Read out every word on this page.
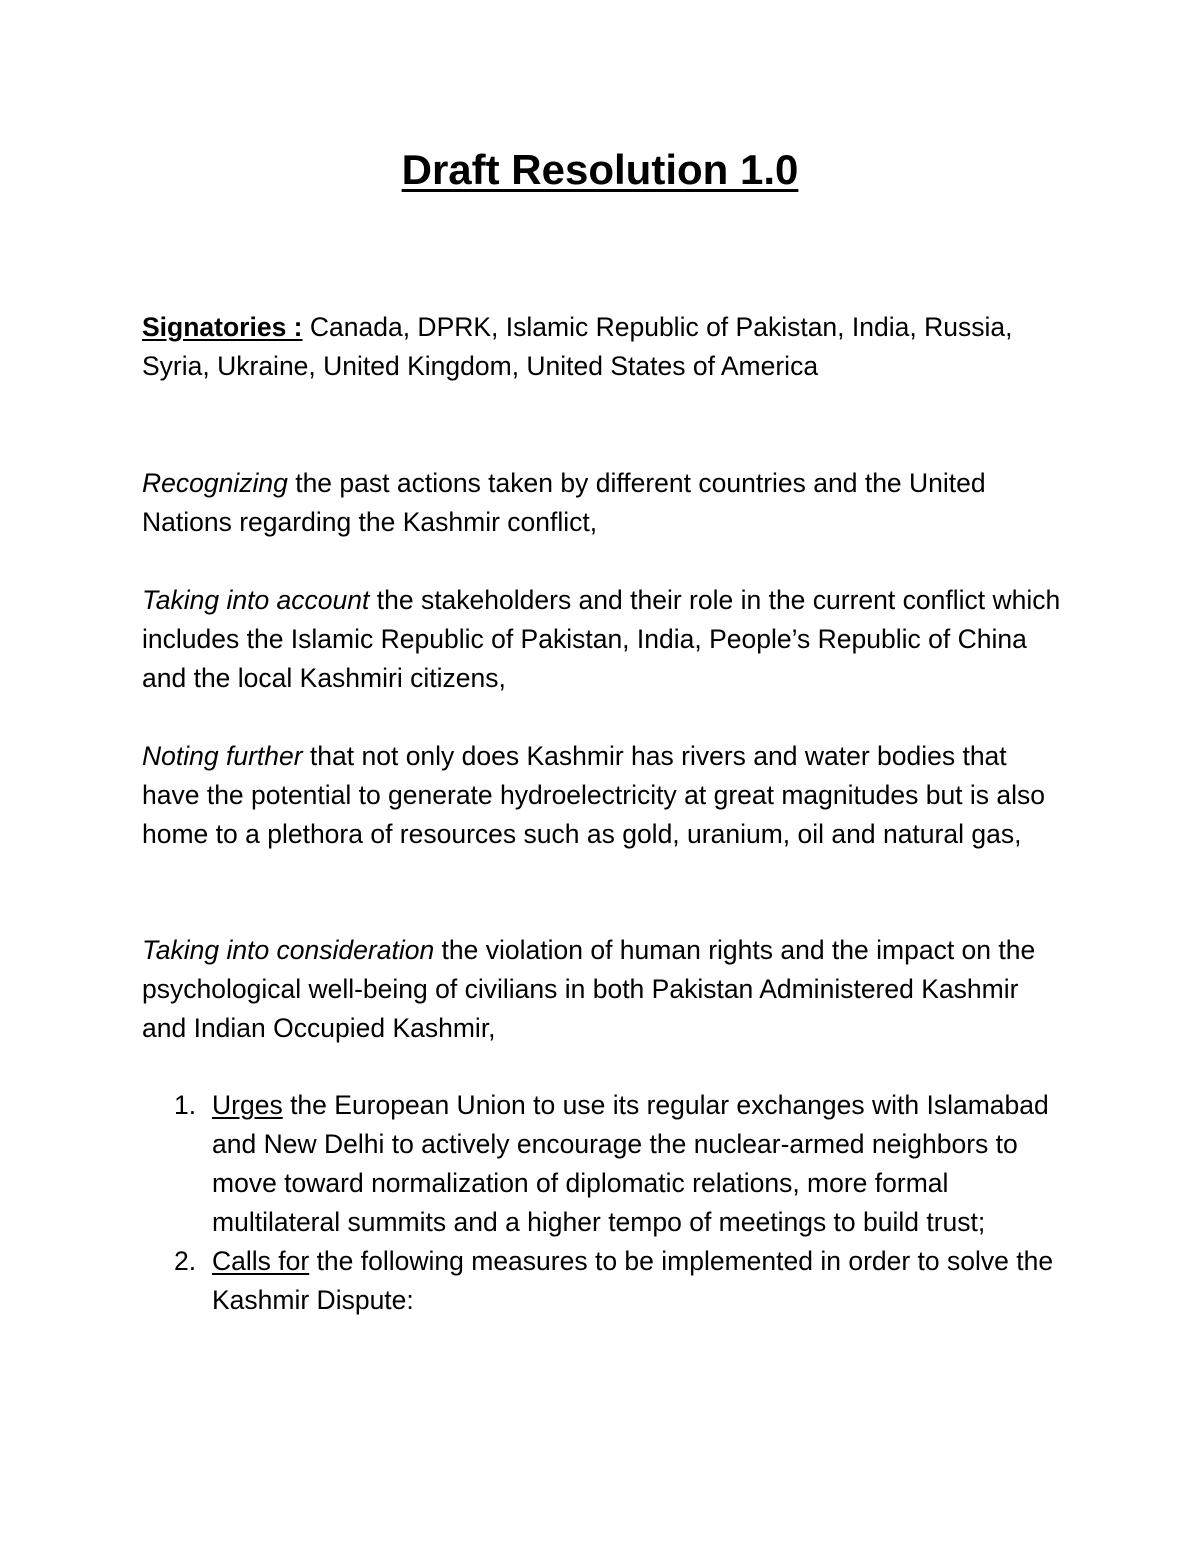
Draft Resolution 1.0

Signatories : Canada, DPRK, Islamic Republic of Pakistan, India, Russia, Syria, Ukraine, United Kingdom, United States of America

Recognizing the past actions taken by different countries and the United Nations regarding the Kashmir conflict,

Taking into account the stakeholders and their role in the current conflict which includes the Islamic Republic of Pakistan, India, People’s Republic of China and the local Kashmiri citizens,

Noting further that not only does Kashmir has rivers and water bodies that have the potential to generate hydroelectricity at great magnitudes but is also home to a plethora of resources such as gold, uranium, oil and natural gas,

Taking into consideration the violation of human rights and the impact on the psychological well-being of civilians in both Pakistan Administered Kashmir and Indian Occupied Kashmir,

1. Urges the European Union to use its regular exchanges with Islamabad and New Delhi to actively encourage the nuclear-armed neighbors to move toward normalization of diplomatic relations, more formal multilateral summits and a higher tempo of meetings to build trust;
2. Calls for the following measures to be implemented in order to solve the Kashmir Dispute:
